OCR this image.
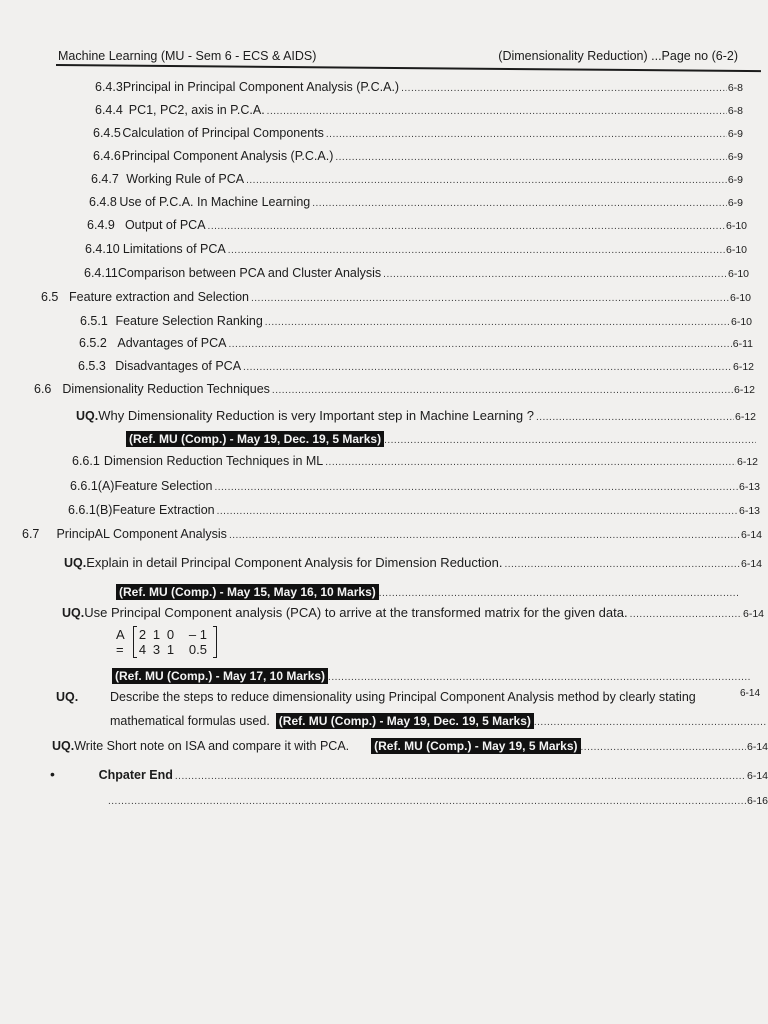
Machine Learning (MU - Sem 6 - ECS & AIDS)	(Dimensionality Reduction) ...Page no (6-2)
6.4.3 Principal in Principal Component Analysis (P.C.A.) .....	6-8
6.4.4 PC1, PC2, axis in P.C.A. .....	6-8
6.4.5 Calculation of Principal Components .....	6-9
6.4.6 Principal Component Analysis (P.C.A.) .....	6-9
6.4.7 Working Rule of PCA .....	6-9
6.4.8 Use of P.C.A. In Machine Learning .....	6-9
6.4.9 Output of PCA .....	6-10
6.4.10 Limitations of PCA .....	6-10
6.4.11 Comparison between PCA and Cluster Analysis .....	6-10
6.5 Feature extraction and Selection .....	6-10
6.5.1 Feature Selection Ranking .....	6-10
6.5.2 Advantages of PCA .....	6-11
6.5.3 Disadvantages of PCA .....	6-12
6.6 Dimensionality Reduction Techniques .....	6-12
UQ. Why Dimensionality Reduction is very Important step in Machine Learning ? .....	6-12
(Ref. MU (Comp.) - May 19, Dec. 19, 5 Marks)
.....
6.6.1 Dimension Reduction Techniques in ML .....	6-12
6.6.1(A) Feature Selection .....	6-13
6.6.1(B) Feature Extraction .....	6-13
6.7	PrincipAL Component Analysis .....	6-14
UQ. Explain in detail Principal Component Analysis for Dimension Reduction. .....	6-14
(Ref. MU (Comp.) - May 15, May 16, 10 Marks)
.....
UQ. Use Principal Component analysis (PCA) to arrive at the transformed matrix for the given data. .....	6-14
A =
2 1 0	– 1
4 3 1	0.5
(Ref. MU (Comp.) - May 17, 10 Marks)
.....
UQ.	Describe the steps to reduce dimensionality using Principal Component Analysis method by clearly stating	6-14
mathematical formulas used. (Ref. MU (Comp.) - May 19, Dec. 19, 5 Marks)
.....
UQ. Write Short note on ISA and compare it with PCA. (Ref. MU (Comp.) - May 19, 5 Marks) .....	6-14
•	Chpater End .....	6-14
.....
6-16
